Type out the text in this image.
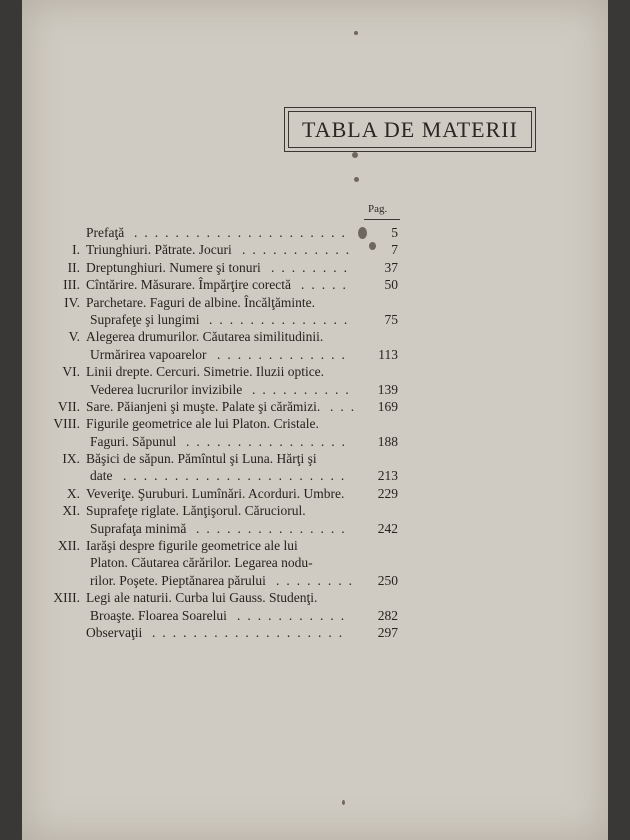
TABLA DE MATERII
Pag.
Prefaţă	5
.....................
I. Triunghiuri. Pătrate. Jocuri	7
...........
II. Dreptunghiuri. Numere şi tonuri	37
........
III. Cîntărire. Măsurare. Împărţire corectă	50
.....
IV. Parchetare. Faguri de albine. Încălţăminte.
Suprafeţe şi lungimi	75
..............
V. Alegerea drumurilor. Căutarea similitudinii.
Urmărirea vapoarelor	113
.............
VI. Linii drepte. Cercuri. Simetrie. Iluzii optice.
Vederea lucrurilor invizibile	139
..........
VII. Sare. Păianjeni şi muşte. Palate şi cărămizi.	169
...
VIII. Figurile geometrice ale lui Platon. Cristale.
Faguri. Săpunul	188
................
IX. Băşici de săpun. Pămîntul şi Luna. Hărţi şi
date	213
......................
X. Veveriţe. Şuruburi. Lumînări. Acorduri. Umbre. 229
XI. Suprafeţe riglate. Lănţişorul. Căruciorul.
Suprafaţa minimă	242
...............
XII. Iarăşi despre figurile geometrice ale lui
Platon. Căutarea cărărilor. Legarea nodu-
rilor. Poşete. Pieptănarea părului	250
........
XIII. Legi ale naturii. Curba lui Gauss. Studenţi.
Broaşte. Floarea Soarelui	282
...........
Observaţii	297
...................
